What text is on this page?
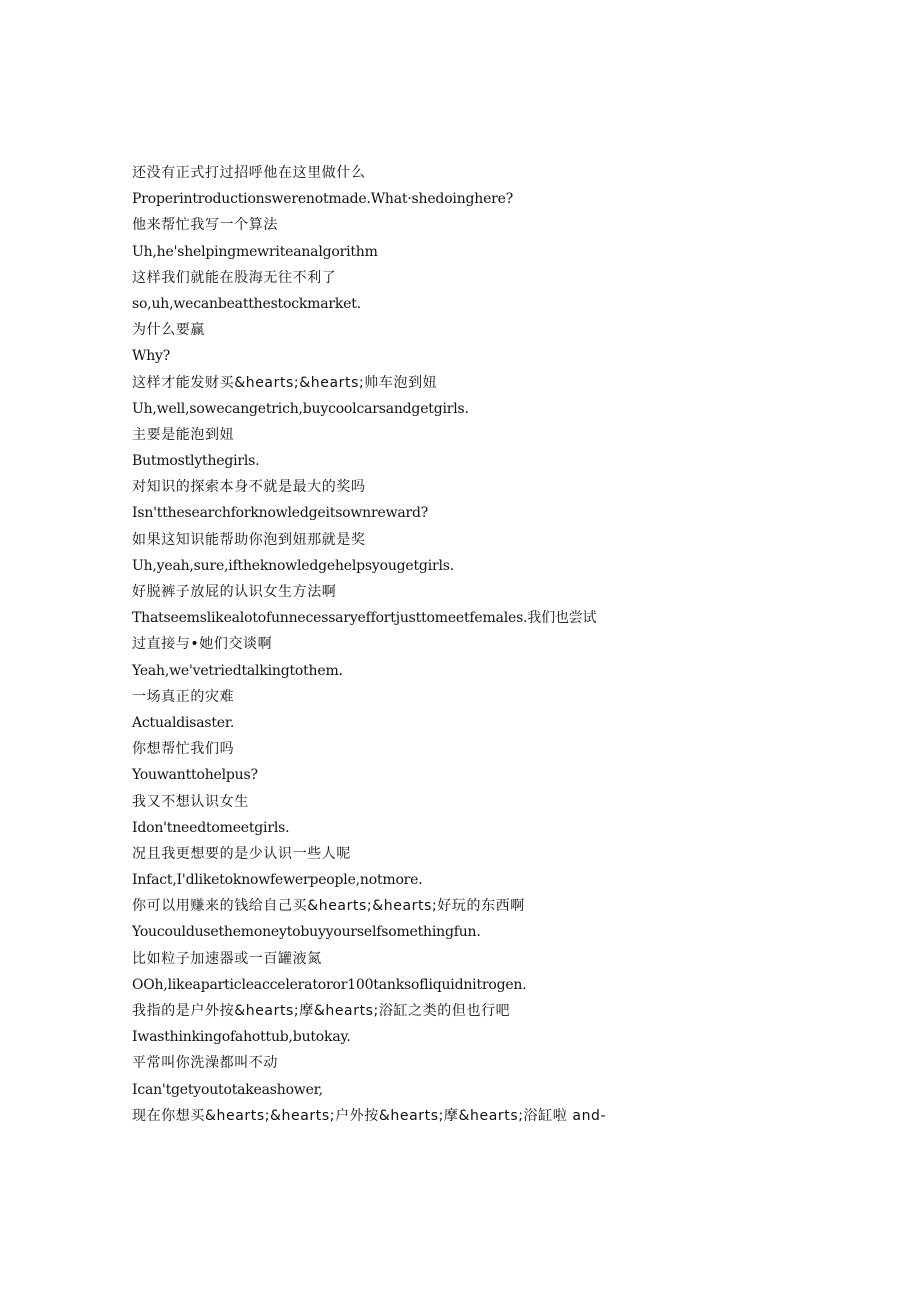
还没有正式打过招呼他在这里做什么
Properintroductionswerenotmade.What·shedoinghere?
他来帮忙我写一个算法
Uh,he'shelpingmewriteanalgorithm
这样我们就能在股海无往不利了
so,uh,wecanbeatthestockmarket.
为什么要赢
Why?
这样才能发财买&hearts;&hearts;帅车泡到妞
Uh,well,sowecangetrich,buycoolcarsandgetgirls.
主要是能泡到妞
Butmostlythegirls.
对知识的探索本身不就是最大的奖吗
Isn'tthesearchforknowledgeitsownreward?
如果这知识能帮助你泡到妞那就是奖
Uh,yeah,sure,iftheknowledgehelpsyougetgirls.
好脱裤子放屁的认识女生方法啊
Thatseemslikealotofunnecessaryeffortjusttomeetfemales.我们也尝试
过直接与•她们交谈啊
Yeah,we'vetriedtalkingtothem.
一场真正的灾难
Actualdisaster.
你想帮忙我们吗
Youwanttohelpus?
我又不想认识女生
Idon'tneedtomeetgirls.
况且我更想要的是少认识一些人呢
Infact,I'dliketoknowfewerpeople,notmore.
你可以用赚来的钱给自己买&hearts;&hearts;好玩的东西啊
Youcouldusethemoneytobuyyourselfsomethingfun.
比如粒子加速器或一百罐液氮
OOh,likeaparticleacceleratoror100tanksofliquidnitrogen.
我指的是户外按&hearts;摩&hearts;浴缸之类的但也行吧
Iwasthinkingofahottub,butokay.
平常叫你洗澡都叫不动
Ican'tgetyoutotakeashower,
现在你想买&hearts;&hearts;户外按&hearts;摩&hearts;浴缸啦 and-
